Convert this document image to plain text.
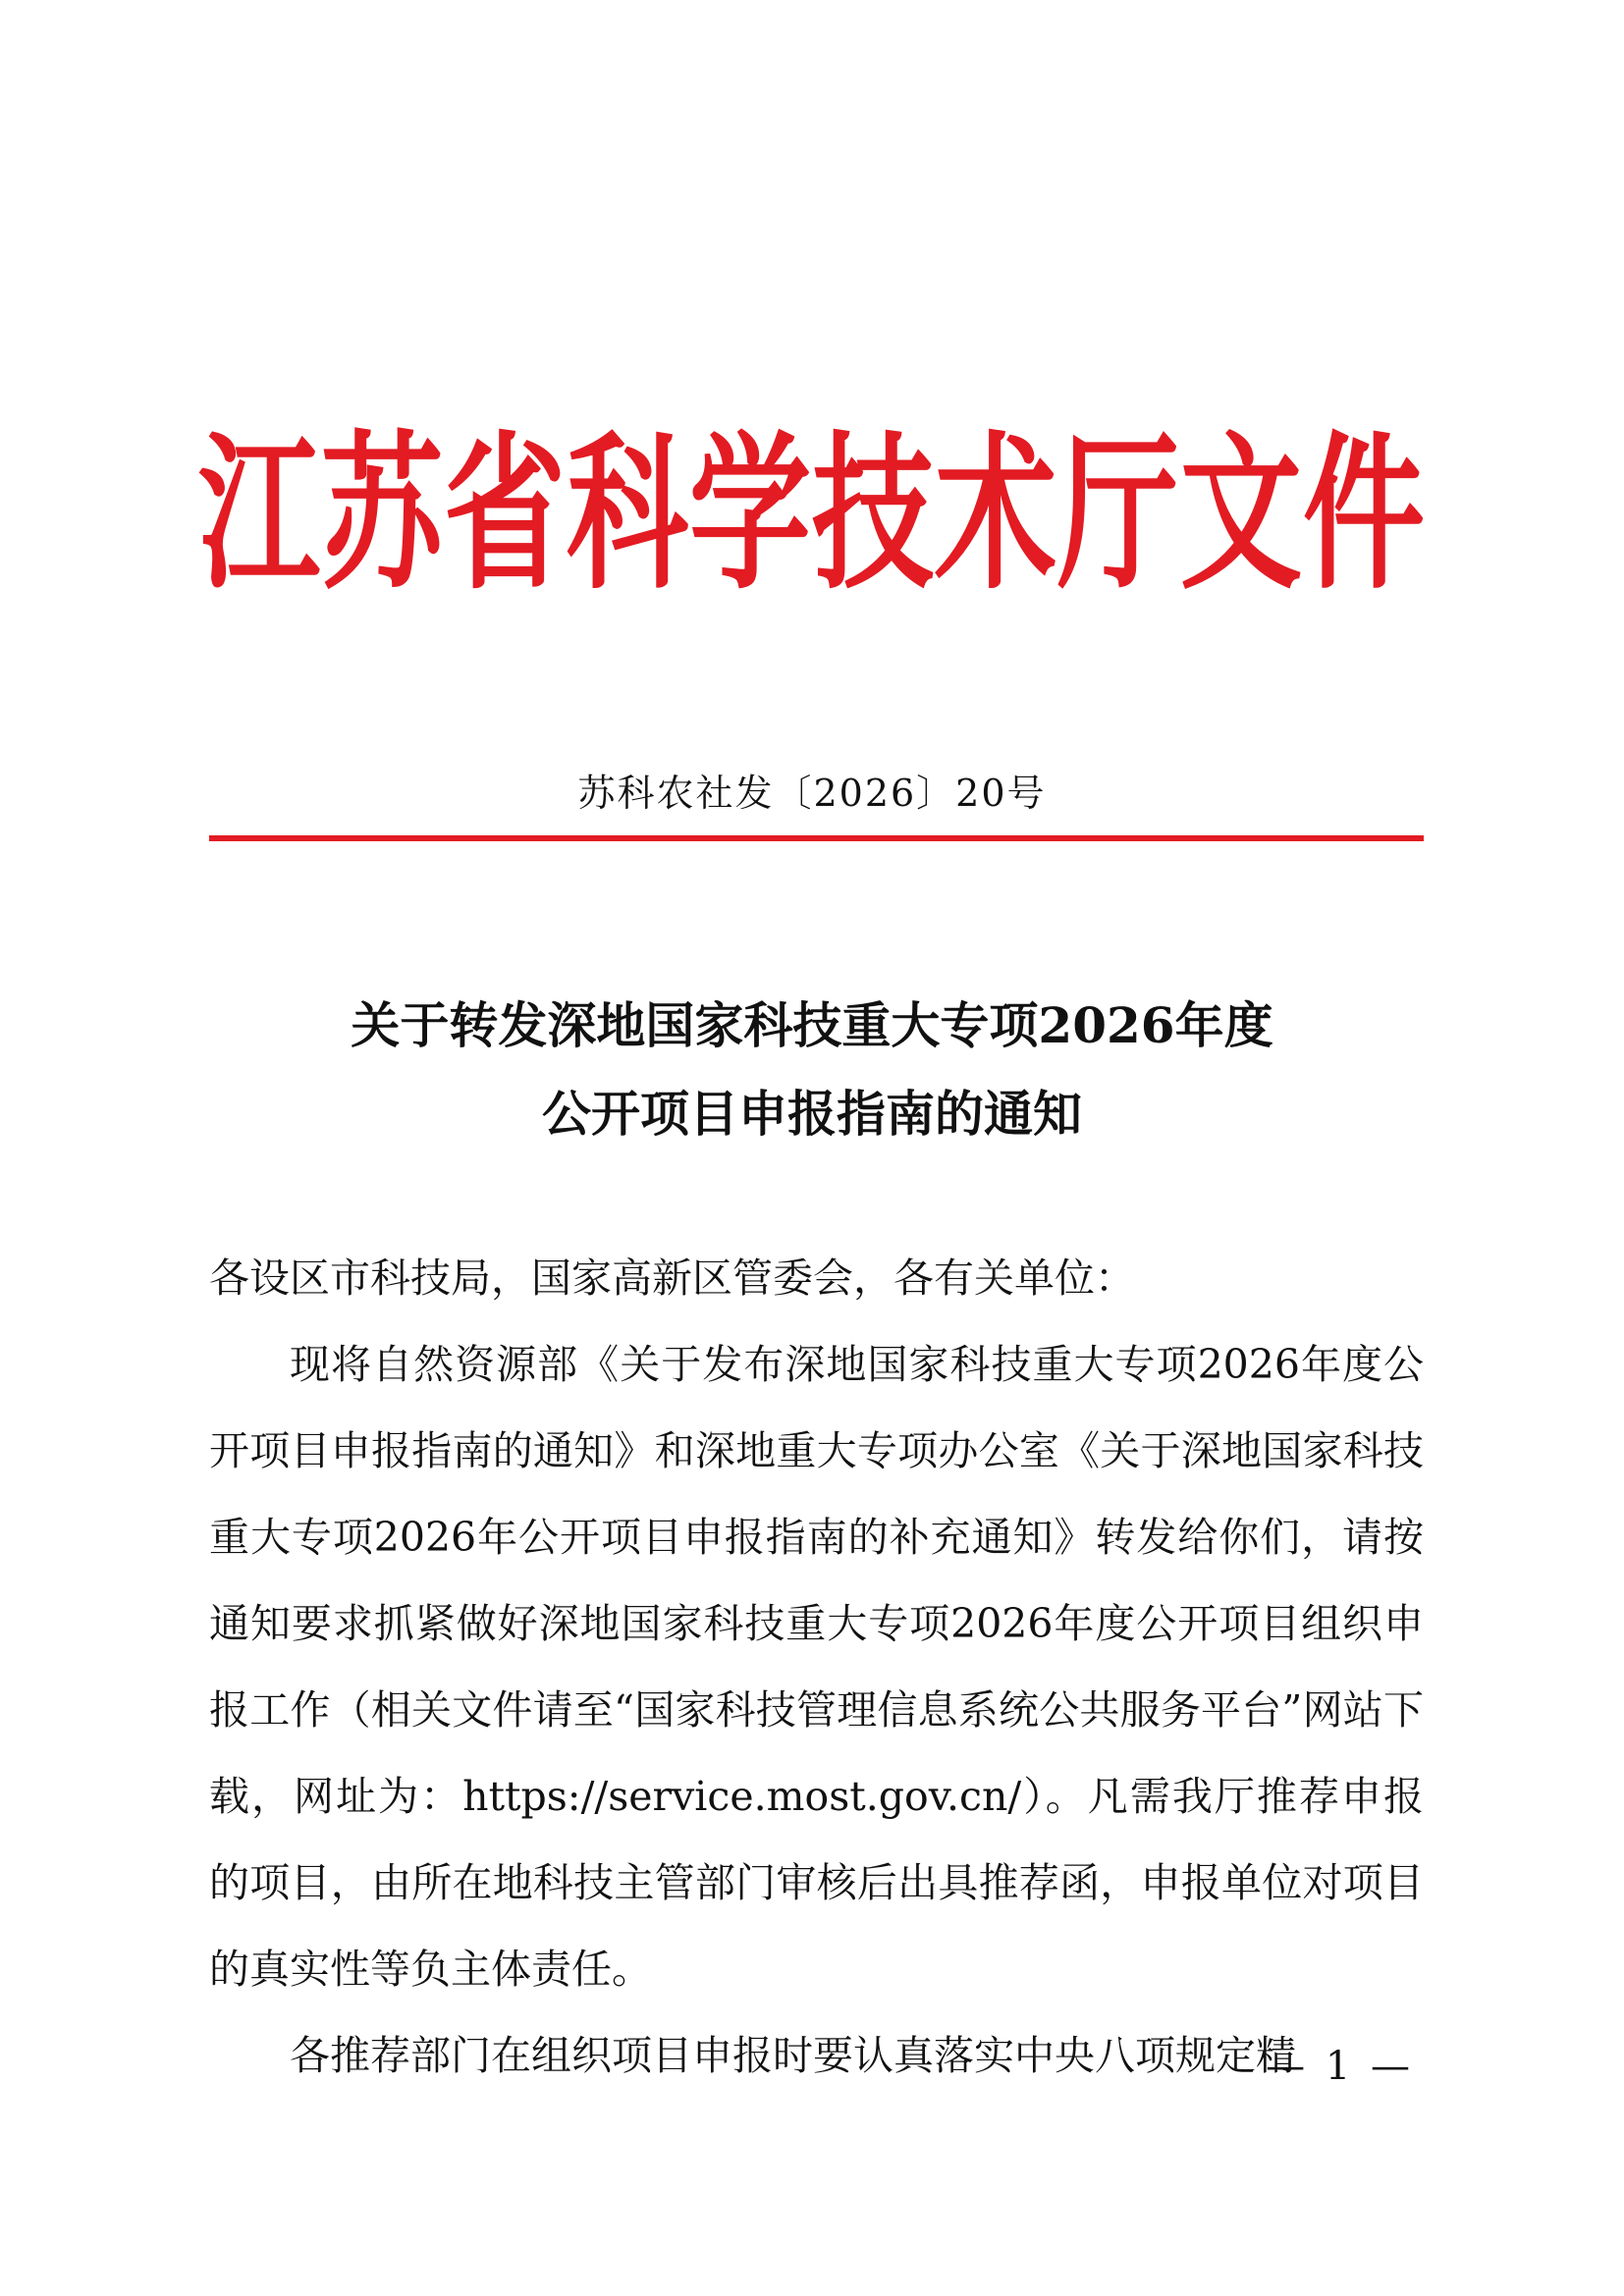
江苏省科学技术厅文件
苏科农社发〔2026〕20号
关于转发深地国家科技重大专项2026年度
公开项目申报指南的通知

各设区市科技局，国家高新区管委会，各有关单位：

现将自然资源部《关于发布深地国家科技重大专项2026年度公开项目申报指南的通知》和深地重大专项办公室《关于深地国家科技重大专项2026年公开项目申报指南的补充通知》转发给你们，请按通知要求抓紧做好深地国家科技重大专项2026年度公开项目组织申报工作（相关文件请至“国家科技管理信息系统公共服务平台”网站下载，网址为：https://service.most.gov.cn/）。凡需我厅推荐申报的项目，由所在地科技主管部门审核后出具推荐函，申报单位对项目的真实性等负主体责任。

各推荐部门在组织项目申报时要认真落实中央八项规定精

— 1 —
